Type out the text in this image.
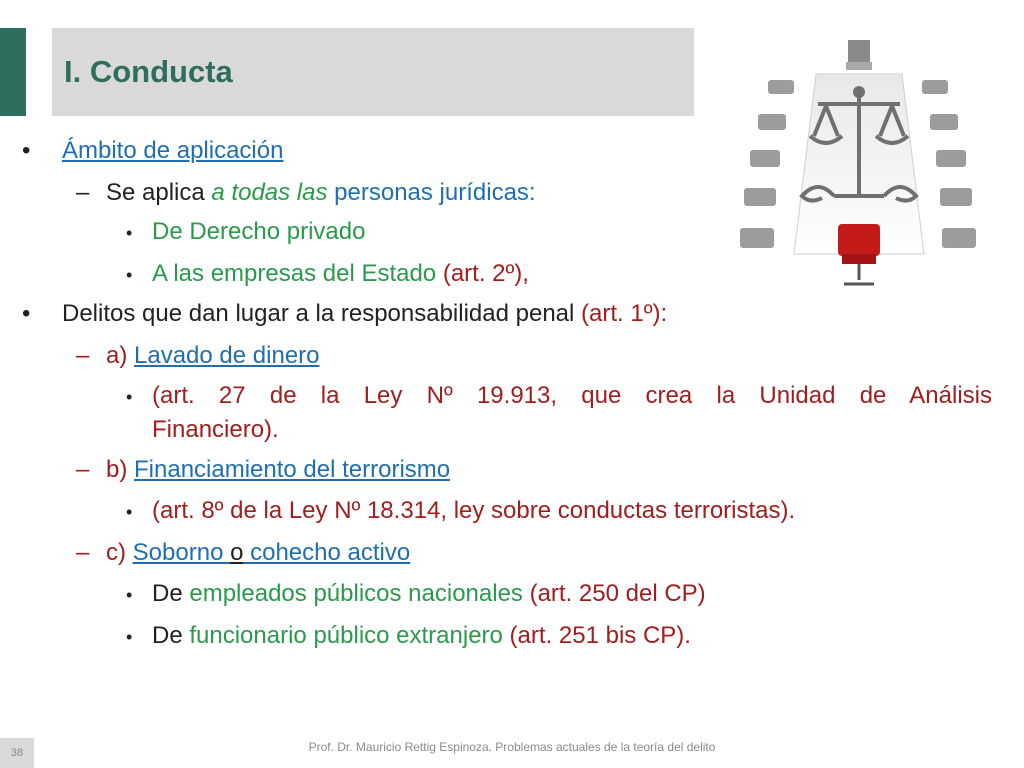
I. Conducta
• Ámbito de aplicación
– Se aplica a todas las personas jurídicas:
• De Derecho privado
• A las empresas del Estado (art. 2º),
• Delitos que dan lugar a la responsabilidad penal (art. 1º):
– a) Lavado de dinero
• (art. 27 de la Ley Nº 19.913, que crea la Unidad de Análisis
Financiero).
– b) Financiamiento del terrorismo
• (art. 8º de la Ley Nº 18.314, ley sobre conductas terroristas).
– c) Soborno o cohecho activo
• De empleados públicos nacionales (art. 250 del CP)
• De funcionario público extranjero (art. 251 bis CP).
38	Prof. Dr. Mauricio Rettig Espinoza. Problemas actuales de la teoría del delito
